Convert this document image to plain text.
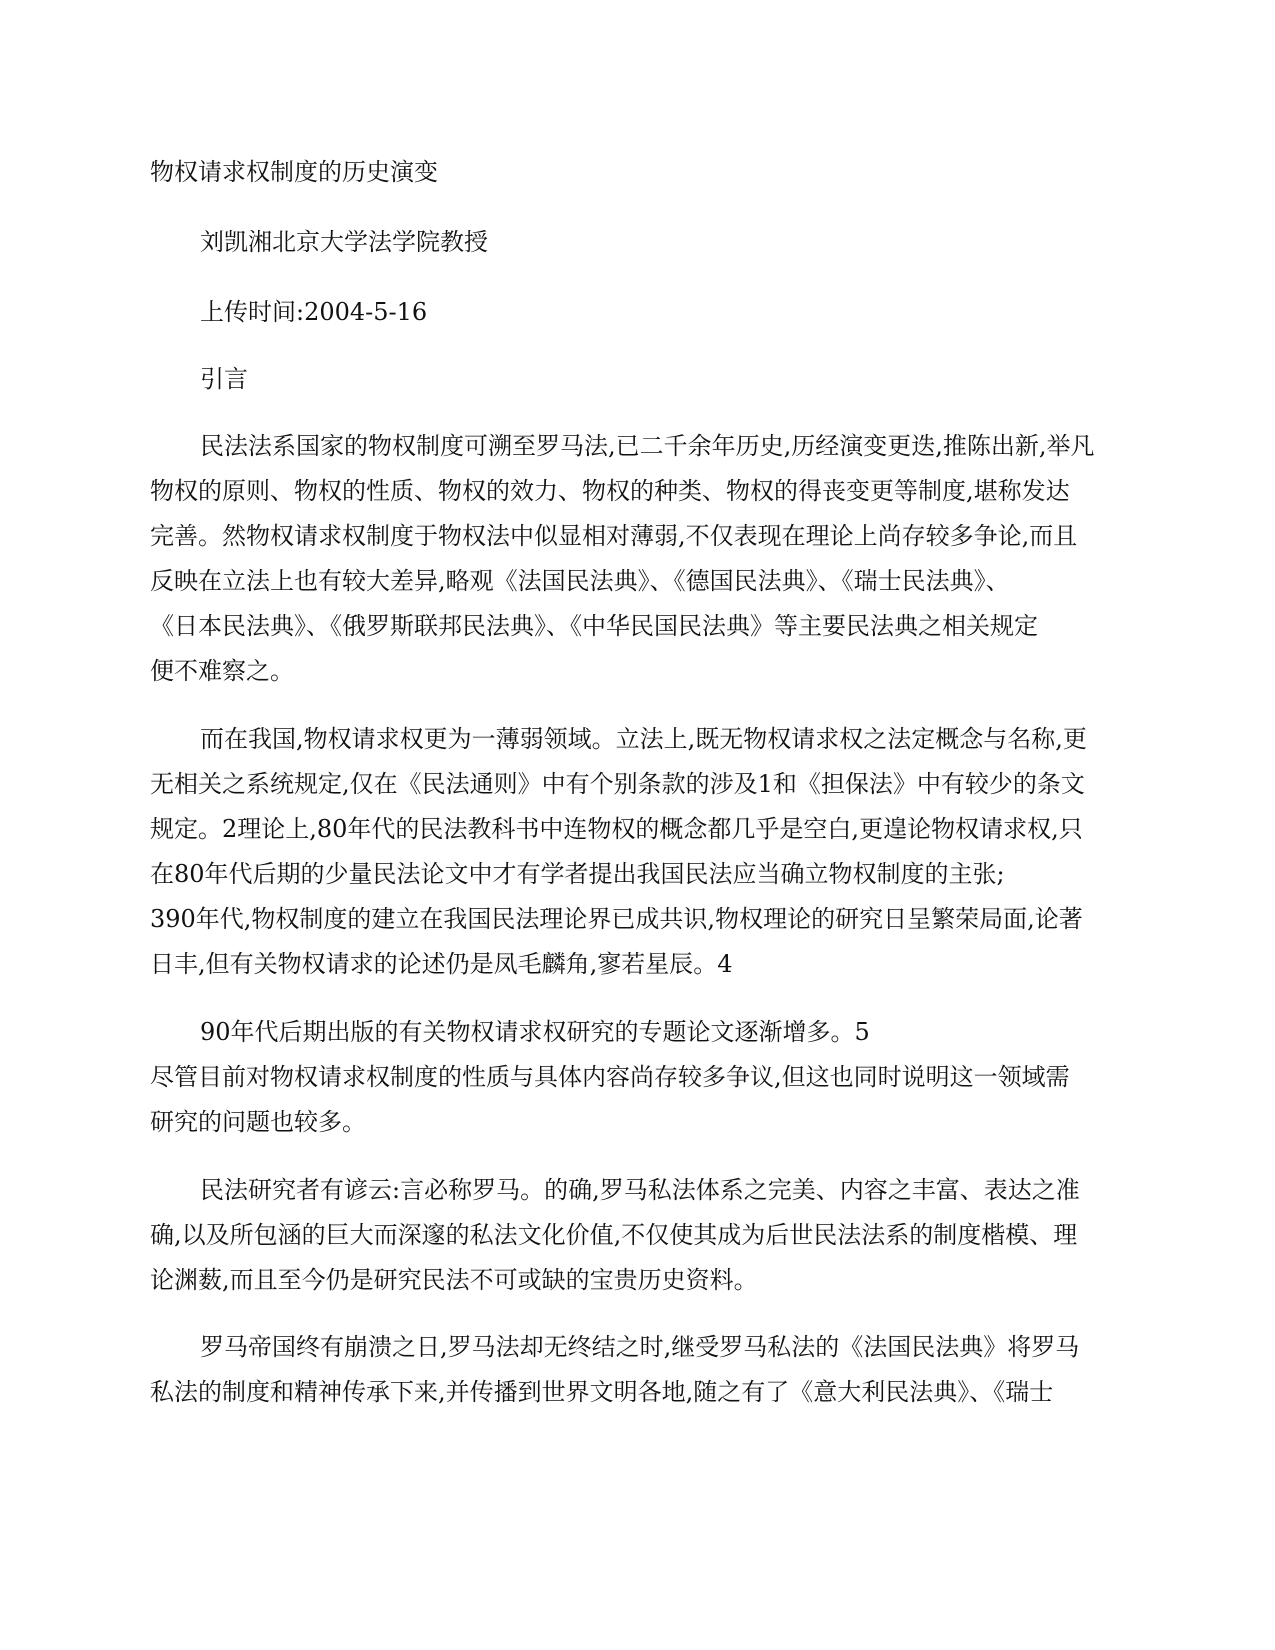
物权请求权制度的历史演变
刘凯湘北京大学法学院教授
上传时间:2004-5-16
引言
民法法系国家的物权制度可溯至罗马法,已二千余年历史,历经演变更迭,推陈出新,举凡
物权的原则、物权的性质、物权的效力、物权的种类、物权的得丧变更等制度,堪称发达
完善。然物权请求权制度于物权法中似显相对薄弱,不仅表现在理论上尚存较多争论,而且
反映在立法上也有较大差异,略观《法国民法典》、《德国民法典》、《瑞士民法典》、
《日本民法典》、《俄罗斯联邦民法典》、《中华民国民法典》等主要民法典之相关规定
便不难察之。
而在我国,物权请求权更为一薄弱领域。立法上,既无物权请求权之法定概念与名称,更
无相关之系统规定,仅在《民法通则》中有个别条款的涉及1和《担保法》中有较少的条文
规定。2理论上,80年代的民法教科书中连物权的概念都几乎是空白,更遑论物权请求权,只
在80年代后期的少量民法论文中才有学者提出我国民法应当确立物权制度的主张;
390年代,物权制度的建立在我国民法理论界已成共识,物权理论的研究日呈繁荣局面,论著
日丰,但有关物权请求的论述仍是凤毛麟角,寥若星辰。4
90年代后期出版的有关物权请求权研究的专题论文逐渐增多。5
尽管目前对物权请求权制度的性质与具体内容尚存较多争议,但这也同时说明这一领域需
研究的问题也较多。
民法研究者有谚云:言必称罗马。的确,罗马私法体系之完美、内容之丰富、表达之准
确,以及所包涵的巨大而深邃的私法文化价值,不仅使其成为后世民法法系的制度楷模、理
论渊薮,而且至今仍是研究民法不可或缺的宝贵历史资料。
罗马帝国终有崩溃之日,罗马法却无终结之时,继受罗马私法的《法国民法典》将罗马
私法的制度和精神传承下来,并传播到世界文明各地,随之有了《意大利民法典》、《瑞士
